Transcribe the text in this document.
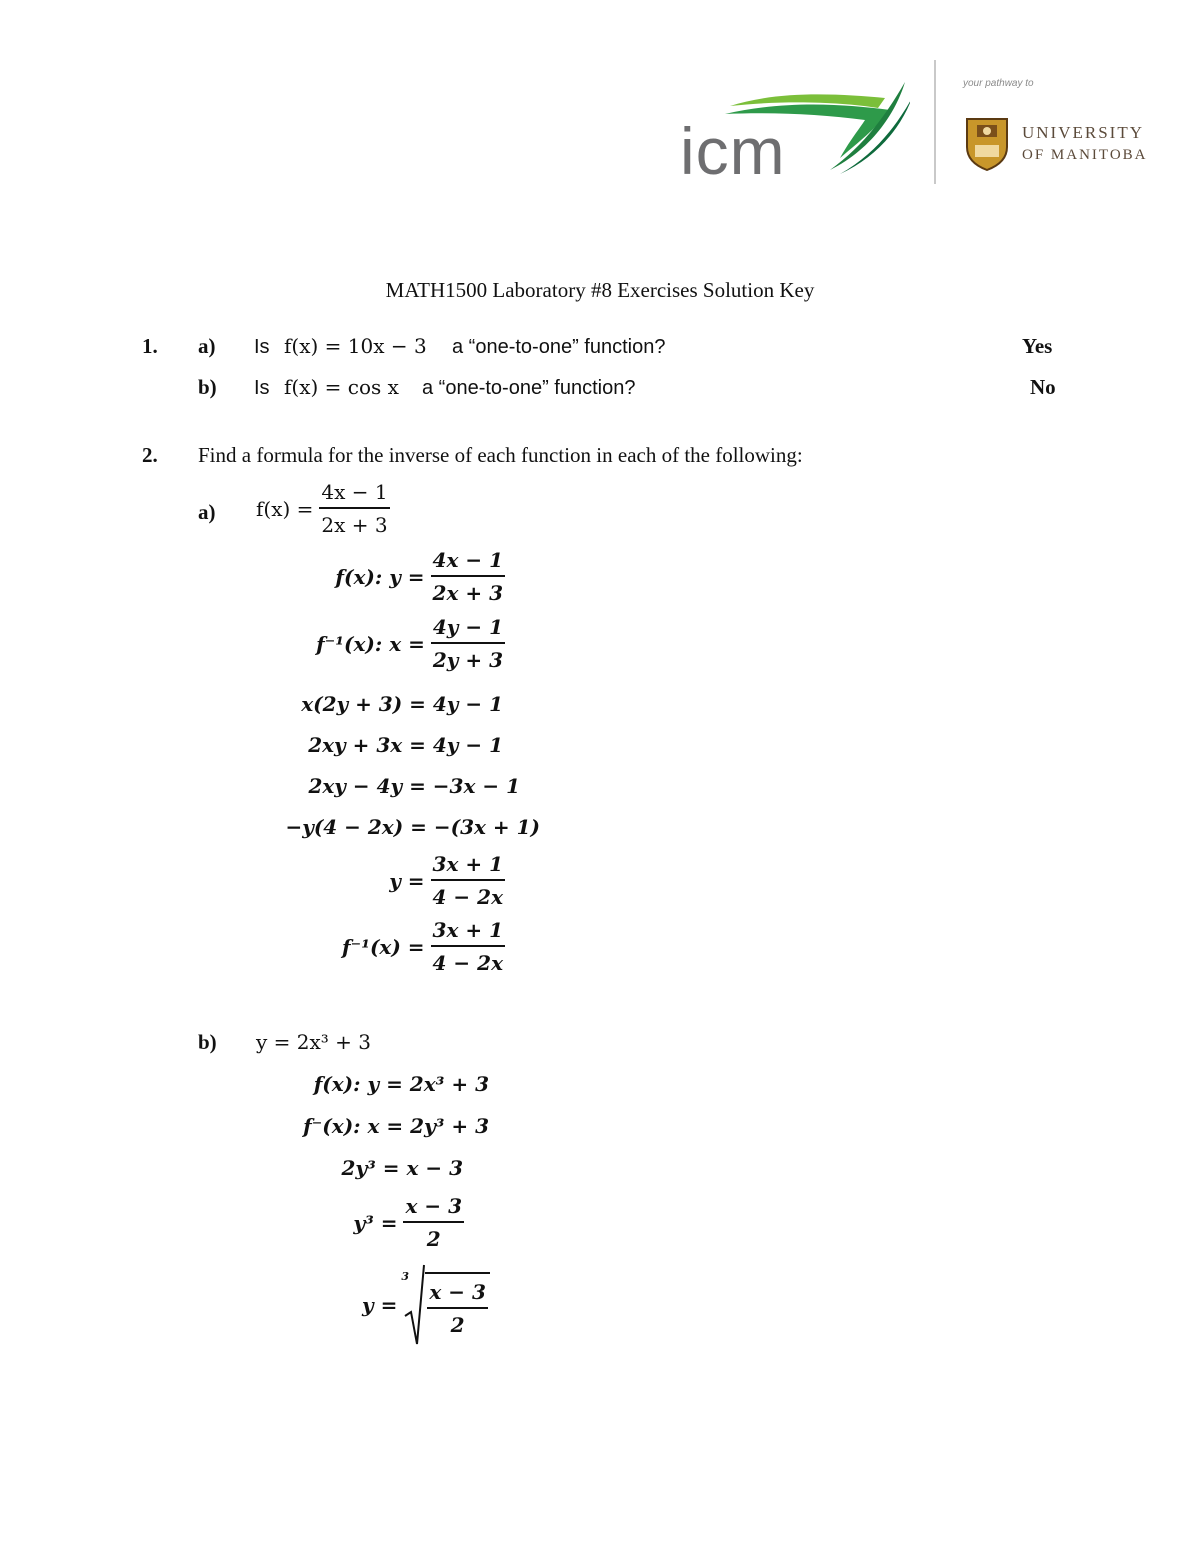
icm
your pathway to
UNIVERSITY
OF MANITOBA
MATH1500 Laboratory #8 Exercises Solution Key
1. a) Is f(x) = 10x − 3 a “one-to-one” function?	Yes
b) Is f(x) = cos x a “one-to-one” function?	No
2. Find a formula for the inverse of each function in each of the following:
a) $f(x) = \frac{4x - 1}{2x + 3}$
f(x): $y = \frac{4x - 1}{2x + 3}$
f⁻¹(x): $x = \frac{4y - 1}{2y + 3}$
x(2y + 3) = 4y − 1
2xy + 3x = 4y − 1
2xy − 4y = −3x − 1
−y(4 − 2x) = −(3x + 1)
$y = \frac{3x + 1}{4 - 2x}$
$f^{-1}(x) = \frac{3x + 1}{4 - 2x}$
b) y = 2x³ + 3
f(x): y = 2x³ + 3
f⁻(x): x = 2y³ + 3
2y³ = x − 3
$y^3 = \frac{x - 3}{2}$
y =
3
$\frac{x - 3}{2}$
